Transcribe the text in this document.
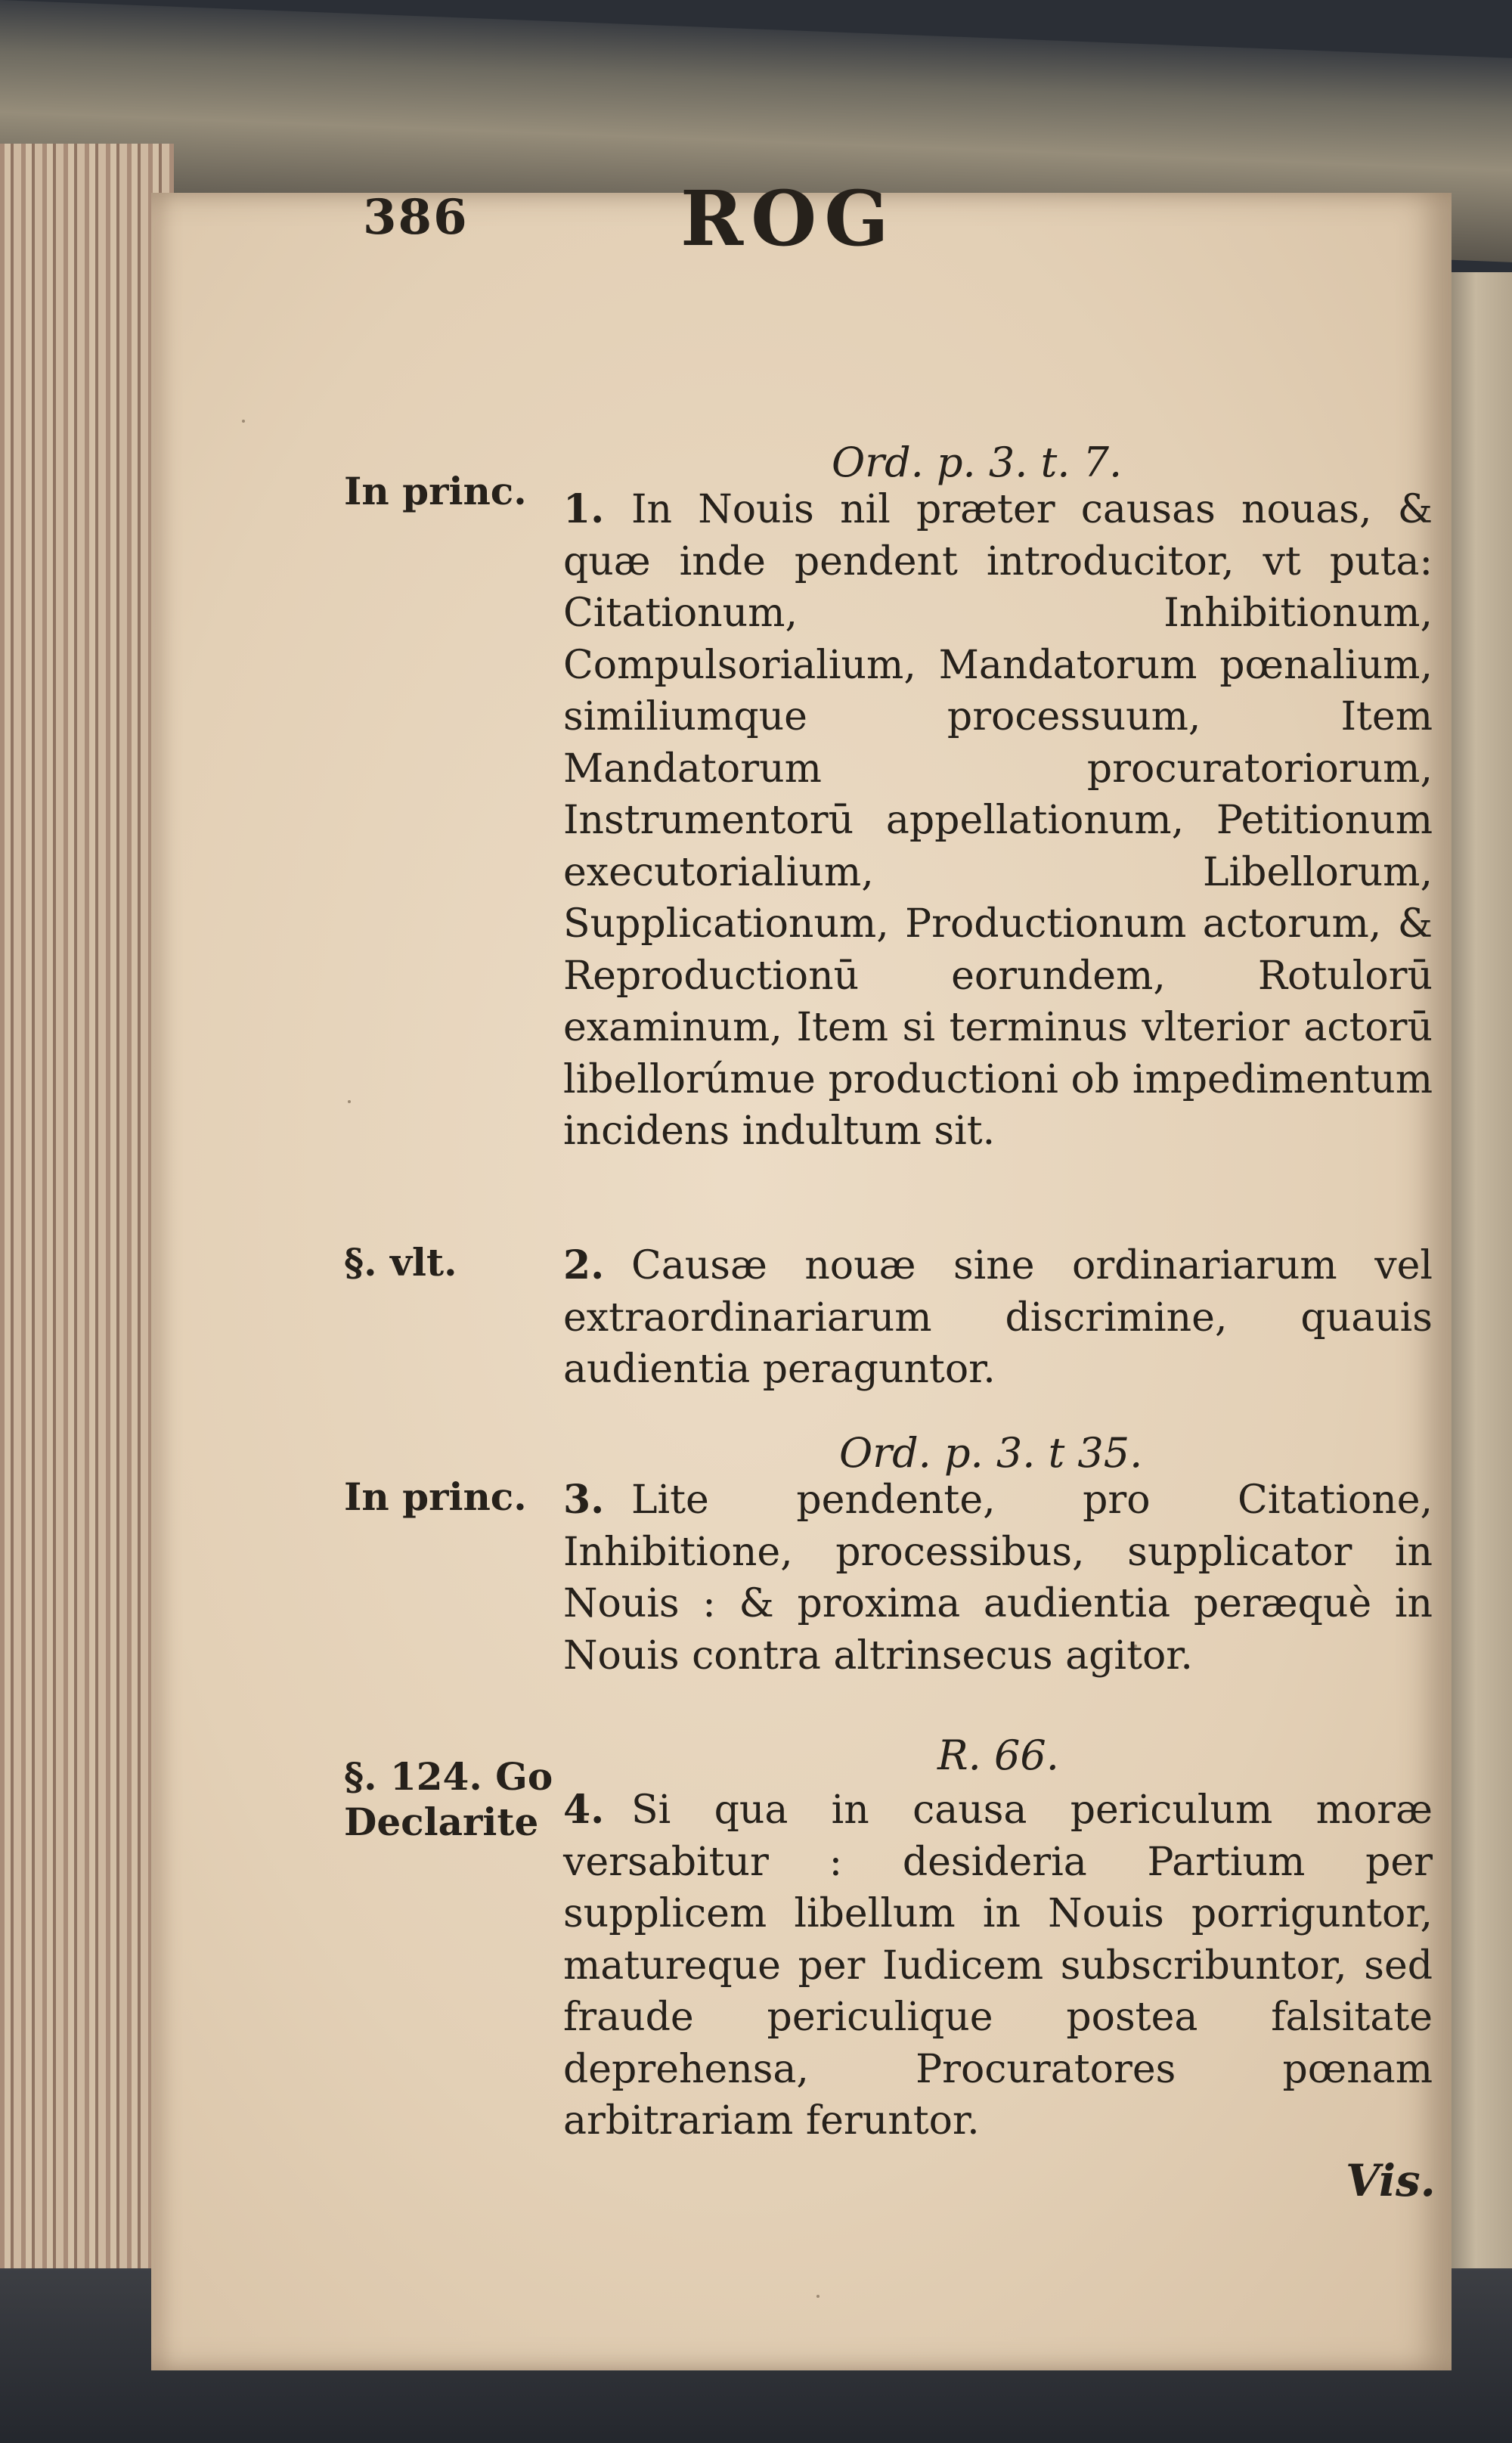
386	ROG
In princ.
§. vlt.
In princ.
§. 124. Go
Declarite
Ord. p. 3. t. 7.
Ord. p. 3. t 35.
R. 66.
1. In Nouis nil præter causas nouas, & quæ inde pendent introducitor, vt puta: Citationum, Inhibitionum, Compulsorialium, Mandatorum pœnalium, similiumque processuum, Item Mandatorum procuratoriorum, Instrumentorū appellationum, Petitionum executorialium, Libellorum, Supplicationum, Productionum actorum, & Reproductionū eorundem, Rotulorū examinum, Item si terminus vlterior actorū libellorúmue productioni ob impedimentum incidens indultum sit.
2. Causæ nouæ sine ordinariarum vel extraordinariarum discrimine, quauis audientia peraguntor.
3. Lite pendente, pro Citatione, Inhibitione, processibus, supplicator in Nouis : & proxima audientia peræquè in Nouis contra altrinsecus agitor.
4. Si qua in causa periculum moræ versabitur : desideria Partium per supplicem libellum in Nouis porriguntor, matureque per Iudicem subscribuntor, sed fraude periculique postea falsitate deprehensa, Procuratores pœnam arbitrariam feruntor.
Vis.
